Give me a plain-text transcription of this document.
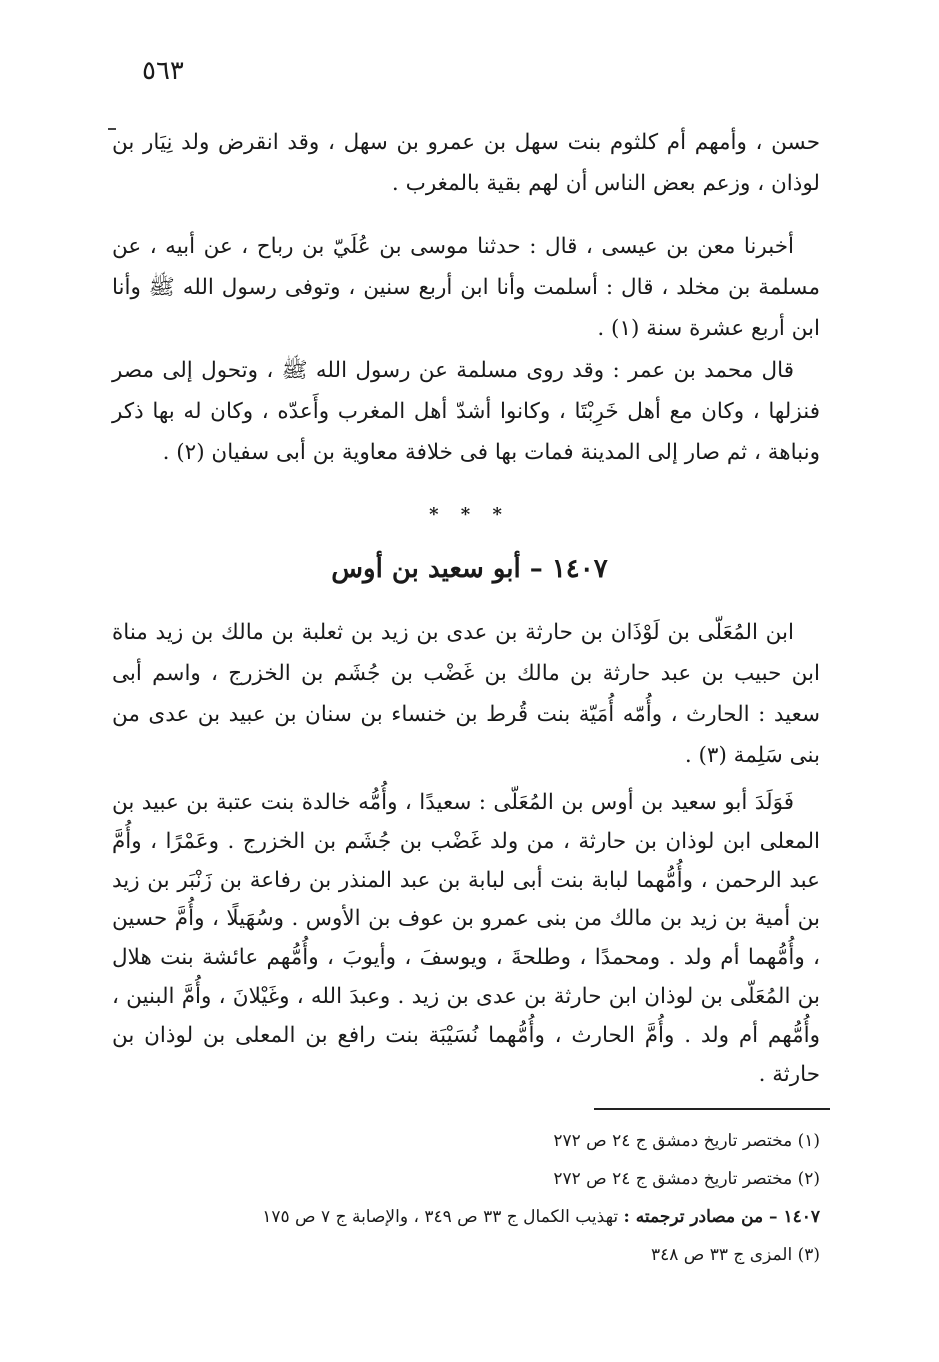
٥٦٣

حسن ، وأمهم أم كلثوم بنت سهل بن عمرو بن سهل ، وقد انقرض ولد نِيَار بن لوذان ، وزعم بعض الناس أن لهم بقية بالمغرب .

أخبرنا معن بن عيسى ، قال : حدثنا موسى بن عُلَيّ بن رباح ، عن أبيه ، عن مسلمة بن مخلد ، قال : أسلمت وأنا ابن أربع سنين ، وتوفى رسول الله ﷺ وأنا ابن أربع عشرة سنة (١) .

قال محمد بن عمر : وقد روى مسلمة عن رسول الله ﷺ ، وتحول إلى مصر فنزلها ، وكان مع أهل خَرِبْتَا ، وكانوا أشدّ أهل المغرب وأَعدّه ، وكان له بها ذكر ونباهة ، ثم صار إلى المدينة فمات بها فى خلافة معاوية بن أبى سفيان (٢) .

* * *
١٤٠٧ – أبو سعيد بن أوس

ابن المُعَلّى بن لَوْذَان بن حارثة بن عدى بن زيد بن ثعلبة بن مالك بن زيد مناة ابن حبيب بن عبد حارثة بن مالك بن غَضْب بن جُشَم بن الخزرج ، واسم أبى سعيد : الحارث ، وأُمّه أُمَيّة بنت قُرط بن خنساء بن سنان بن عبيد بن عدى من بنى سَلِمة (٣) .

فَوَلَدَ أبو سعيد بن أوس بن المُعَلّى : سعيدًا ، وأُمُّه خالدة بنت عتبة بن عبيد بن المعلى ابن لوذان بن حارثة ، من ولد غَضْب بن جُشَم بن الخزرج . وعَمْرًا ، وأُمَّ عبد الرحمن ، وأُمُّهما لبابة بنت أبى لبابة بن عبد المنذر بن رفاعة بن زَنْبَر بن زيد بن أمية بن زيد بن مالك من بنى عمرو بن عوف بن الأوس . وسُهَيلًا ، وأُمَّ حسين ، وأُمُّهما أم ولد . ومحمدًا ، وطلحةَ ، ويوسفَ ، وأيوبَ ، وأُمُّهم عائشة بنت هلال بن المُعَلّى بن لوذان ابن حارثة بن عدى بن زيد . وعبدَ الله ، وغَيْلانَ ، وأُمَّ البنين ، وأُمُّهم أم ولد . وأُمَّ الحارث ، وأُمُّهما نُسَيْبَة بنت رافع بن المعلى بن لوذان بن حارثة .

(١) مختصر تاريخ دمشق ج ٢٤ ص ٢٧٢

(٢) مختصر تاريخ دمشق ج ٢٤ ص ٢٧٢

١٤٠٧ – من مصادر ترجمته : تهذيب الكمال ج ٣٣ ص ٣٤٩ ، والإصابة ج ٧ ص ١٧٥

(٣) المزى ج ٣٣ ص ٣٤٨
